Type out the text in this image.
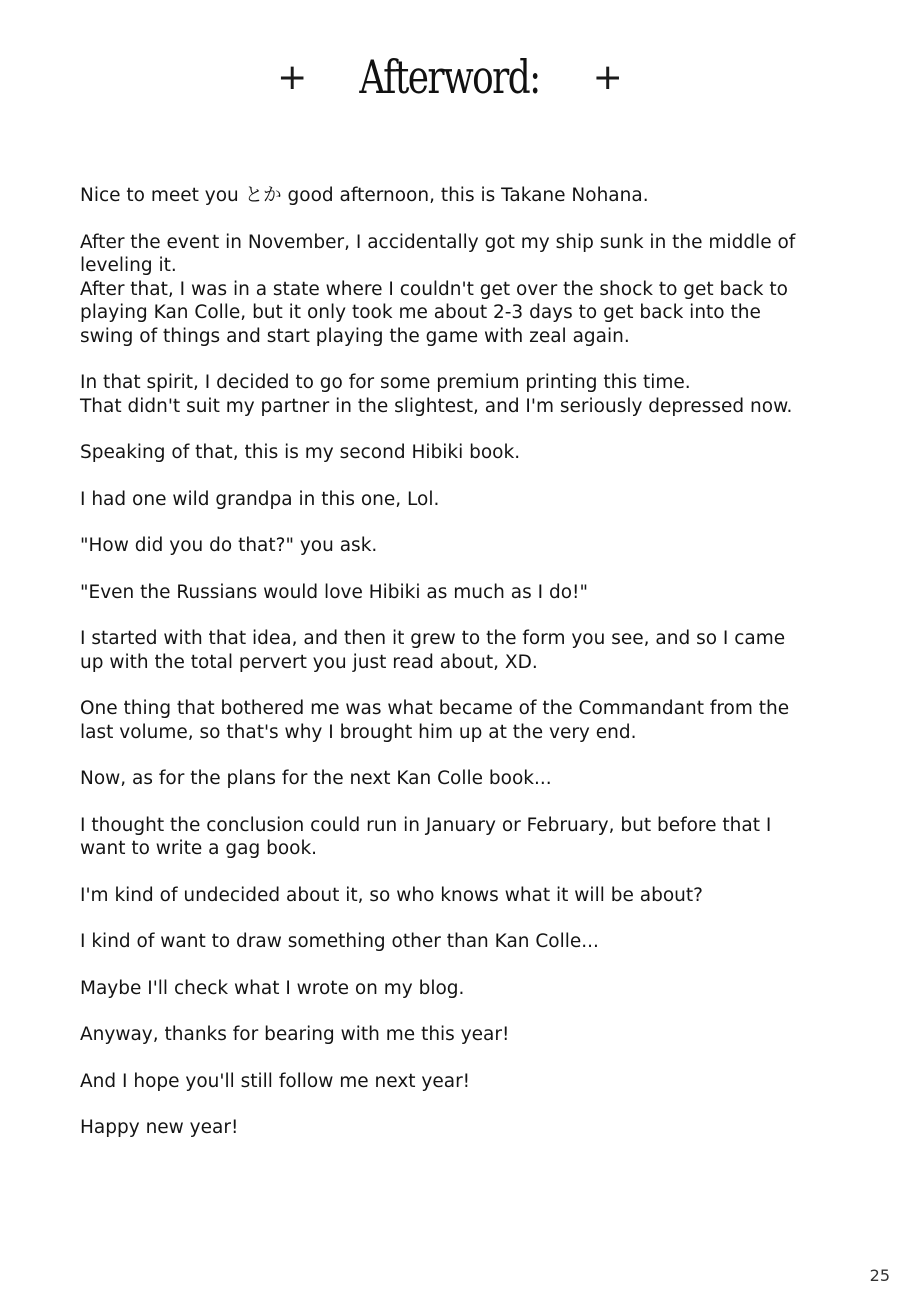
+ Afterword: +

Nice to meet you とか good afternoon, this is Takane Nohana.

After the event in November, I accidentally got my ship sunk in the middle of leveling it.
After that, I was in a state where I couldn't get over the shock to get back to playing Kan Colle, but it only took me about 2-3 days to get back into the swing of things and start playing the game with zeal again.

In that spirit, I decided to go for some premium printing this time.
That didn't suit my partner in the slightest, and I'm seriously depressed now.

Speaking of that, this is my second Hibiki book.

I had one wild grandpa in this one, Lol.

"How did you do that?" you ask.

"Even the Russians would love Hibiki as much as I do!"

I started with that idea, and then it grew to the form you see, and so I came up with the total pervert you just read about, XD.

One thing that bothered me was what became of the Commandant from the last volume, so that's why I brought him up at the very end.

Now, as for the plans for the next Kan Colle book...

I thought the conclusion could run in January or February, but before that I want to write a gag book.

I'm kind of undecided about it, so who knows what it will be about?

I kind of want to draw something other than Kan Colle...

Maybe I'll check what I wrote on my blog.

Anyway, thanks for bearing with me this year!

And I hope you'll still follow me next year!

Happy new year!

25
